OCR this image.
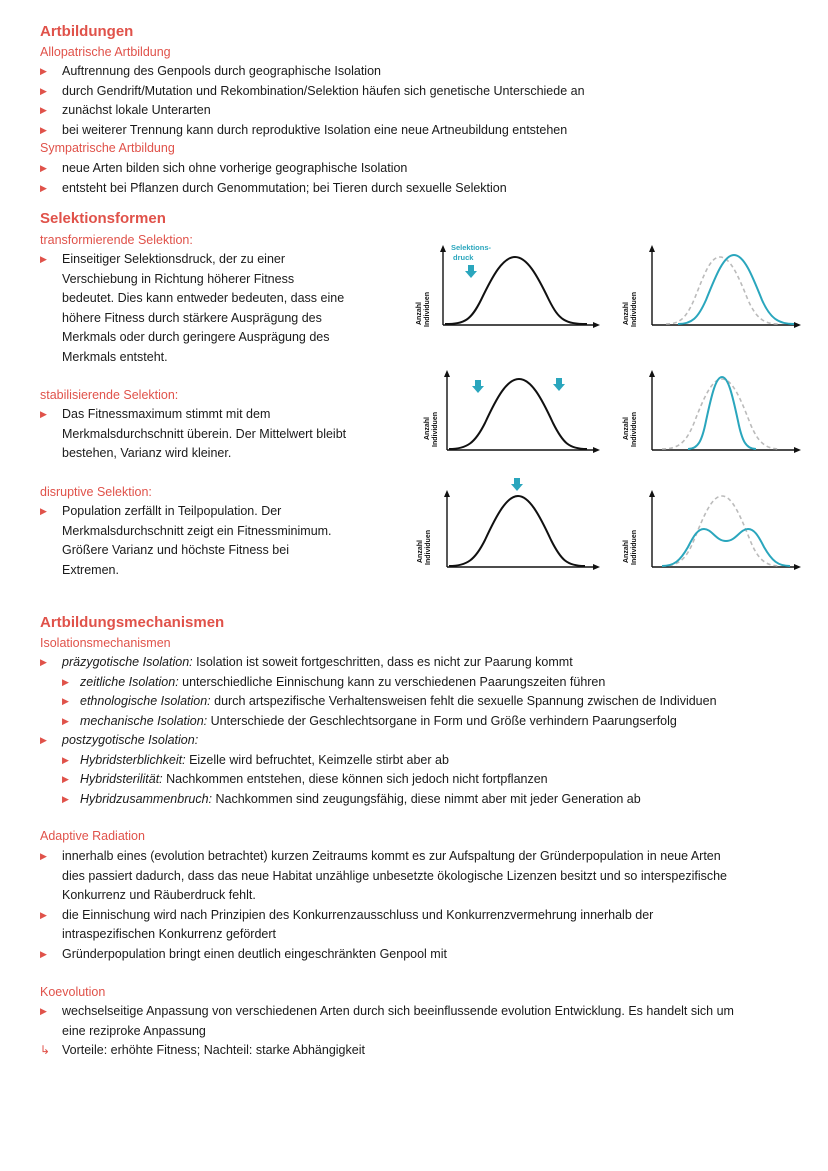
Artbildungen
Allopatrische Artbildung
▶ Auftrennung des Genpools durch geographische Isolation
▶ durch Gendrift/Mutation und Rekombination/Selektion häufen sich genetische Unterschiede an
▶ zunächst lokale Unterarten
▶ bei weiterer Trennung kann durch reproduktive Isolation eine neue Artneubildung entstehen
Sympatrische Artbildung
▶ neue Arten bilden sich ohne vorherige geographische Isolation
▶ entsteht bei Pflanzen durch Genommutation; bei Tieren durch sexuelle Selektion
Selektionsformen
transformierende Selektion:
▶ Einseitiger Selektionsdruck, der zu einer
Verschiebung in Richtung höherer Fitness
bedeutet. Dies kann entweder bedeuten, dass eine
höhere Fitness durch stärkere Ausprägung des
Merkmals oder durch geringere Ausprägung des
Merkmals entsteht.
stabilisierende Selektion:
▶ Das Fitnessmaximum stimmt mit dem
Merkmalsdurchschnitt überein. Der Mittelwert bleibt
bestehen, Varianz wird kleiner.
disruptive Selektion:
▶ Population zerfällt in Teilpopulation. Der
Merkmalsdurchschnitt zeigt ein Fitnessminimum.
Größere Varianz und höchste Fitness bei
Extremen.
Selektions-
druck
Anzahl Individuen	Anzahl Individuen
Anzahl Individuen	Anzahl Individuen
Anzahl Individuen	Anzahl Individuen
Artbildungsmechanismen
Isolationsmechanismen
▶ präzygotische Isolation: Isolation ist soweit fortgeschritten, dass es nicht zur Paarung kommt
▶ zeitliche Isolation: unterschiedliche Einnischung kann zu verschiedenen Paarungszeiten führen
▶ ethnologische Isolation: durch artspezifische Verhaltensweisen fehlt die sexuelle Spannung zwischen de Individuen
▶ mechanische Isolation: Unterschiede der Geschlechtsorgane in Form und Größe verhindern Paarungserfolg
▶ postzygotische Isolation:
▶ Hybridsterblichkeit: Eizelle wird befruchtet, Keimzelle stirbt aber ab
▶ Hybridsterilität: Nachkommen entstehen, diese können sich jedoch nicht fortpflanzen
▶ Hybridzusammenbruch: Nachkommen sind zeugungsfähig, diese nimmt aber mit jeder Generation ab
Adaptive Radiation
▶ innerhalb eines (evolution betrachtet) kurzen Zeitraums kommt es zur Aufspaltung der Gründerpopulation in neue Arten
dies passiert dadurch, dass das neue Habitat unzählige unbesetzte ökologische Lizenzen besitzt und so interspezifische
Konkurrenz und Räuberdruck fehlt.
▶ die Einnischung wird nach Prinzipien des Konkurrenzausschluss und Konkurrenzvermehrung innerhalb der
intraspezifischen Konkurrenz gefördert
▶ Gründerpopulation bringt einen deutlich eingeschränkten Genpool mit
Koevolution
▶ wechselseitige Anpassung von verschiedenen Arten durch sich beeinflussende evolution Entwicklung. Es handelt sich um
eine reziproke Anpassung
↳ Vorteile: erhöhte Fitness; Nachteil: starke Abhängigkeit
